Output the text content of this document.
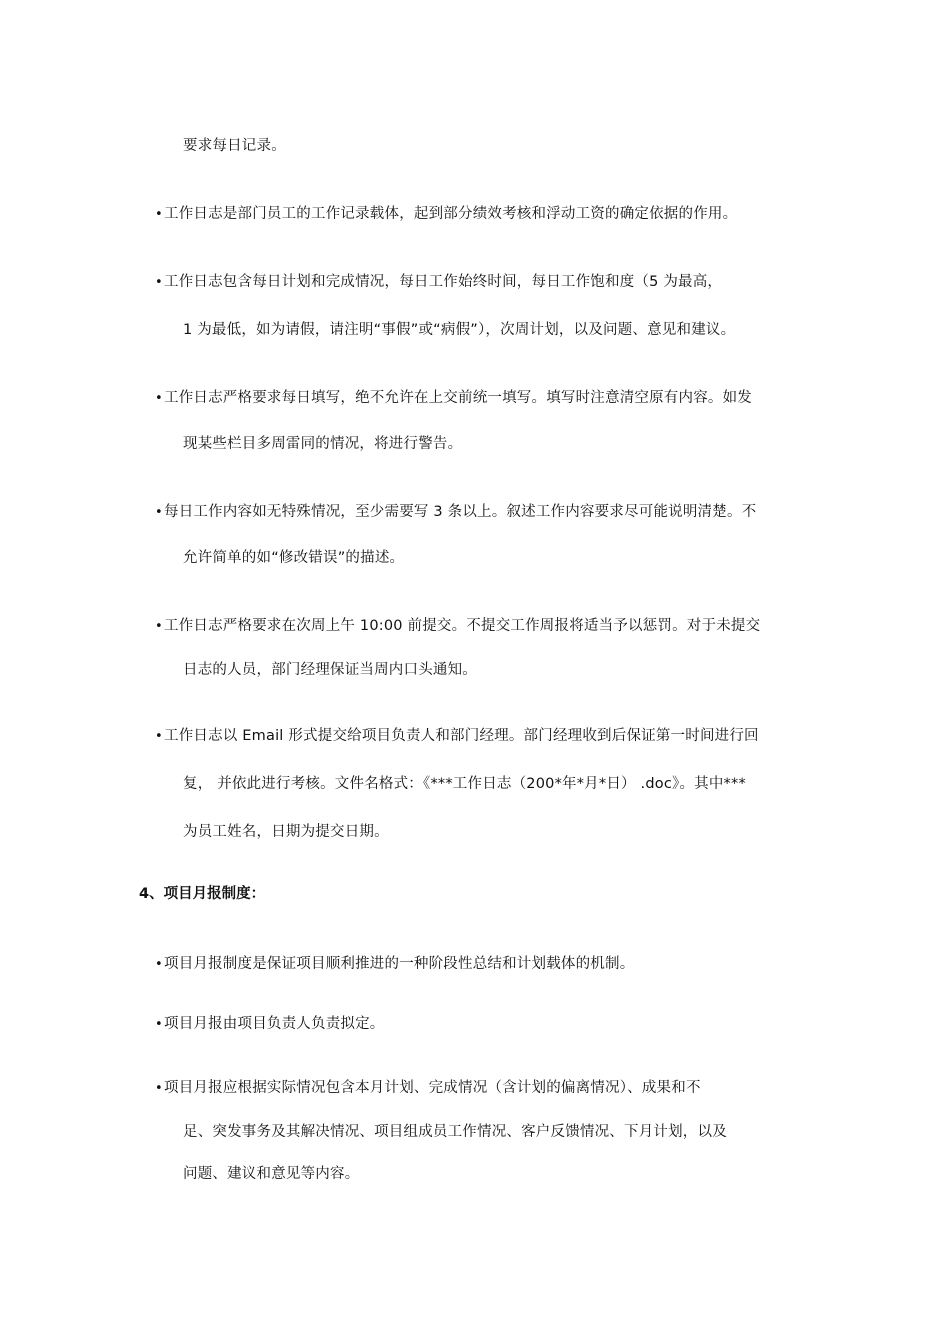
要求每日记录。
•工作日志是部门员工的工作记录载体，起到部分绩效考核和浮动工资的确定依据的作用。
•工作日志包含每日计划和完成情况，每日工作始终时间，每日工作饱和度（5 为最高，
1 为最低，如为请假，请注明“事假”或“病假”），次周计划，以及问题、意见和建议。
•工作日志严格要求每日填写，绝不允许在上交前统一填写。填写时注意清空原有内容。如发
现某些栏目多周雷同的情况，将进行警告。
•每日工作内容如无特殊情况，至少需要写 3 条以上。叙述工作内容要求尽可能说明清楚。不
允许简单的如“修改错误”的描述。
•工作日志严格要求在次周上午 10:00 前提交。不提交工作周报将适当予以惩罚。对于未提交
日志的人员，部门经理保证当周内口头通知。
•工作日志以 Email 形式提交给项目负责人和部门经理。部门经理收到后保证第一时间进行回
复， 并依此进行考核。文件名格式：《***工作日志（200*年*月*日） .doc》。其中***
为员工姓名，日期为提交日期。
4、项目月报制度：
•项目月报制度是保证项目顺利推进的一种阶段性总结和计划载体的机制。
•项目月报由项目负责人负责拟定。
•项目月报应根据实际情况包含本月计划、完成情况（含计划的偏离情况）、成果和不
足、突发事务及其解决情况、项目组成员工作情况、客户反馈情况、下月计划，以及
问题、建议和意见等内容。
